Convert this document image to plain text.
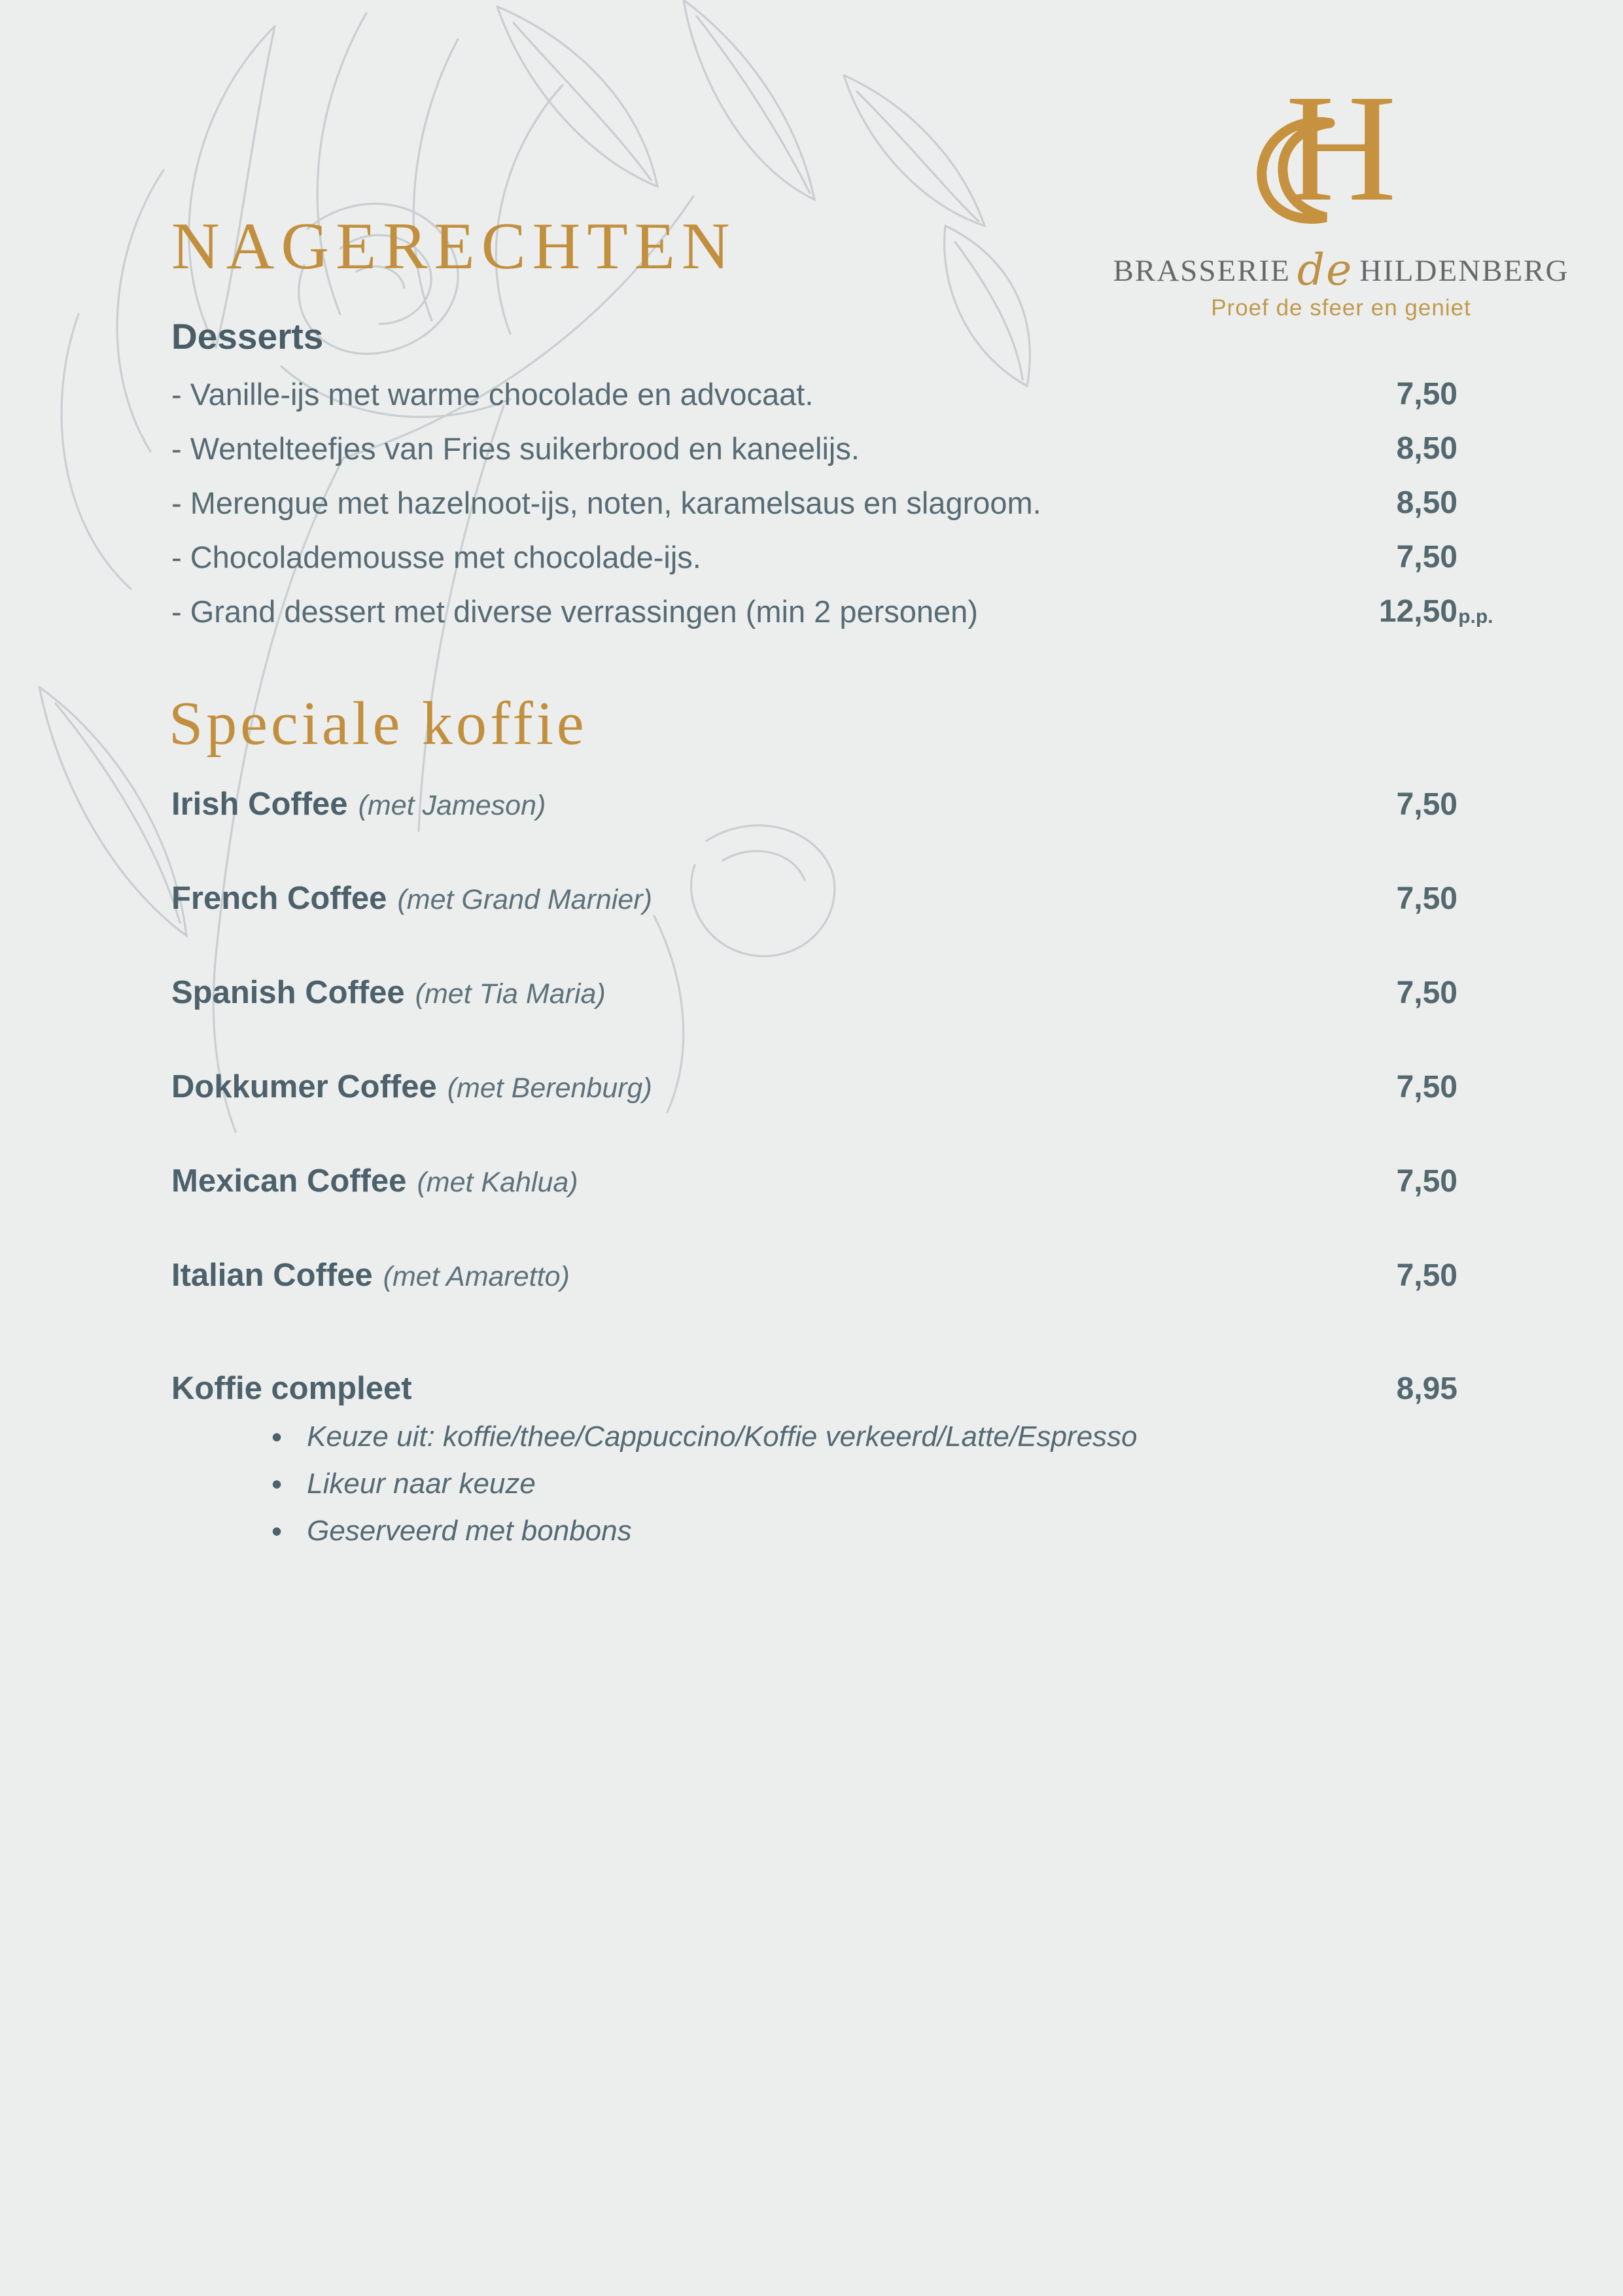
H
BRASSERIE de HILDENBERG
Proef de sfeer en geniet
NAGERECHTEN
Desserts
- Vanille-ijs met warme chocolade en advocaat.	7,50
- Wentelteefjes van Fries suikerbrood en kaneelijs.	8,50
- Merengue met hazelnoot-ijs, noten, karamelsaus en slagroom.	8,50
- Chocolademousse met chocolade-ijs.	7,50
- Grand dessert met diverse verrassingen (min 2 personen)	12,50 p.p.
Speciale koffie
Irish Coffee (met Jameson)	7,50
French Coffee (met Grand Marnier)	7,50
Spanish Coffee (met Tia Maria)	7,50
Dokkumer Coffee (met Berenburg)	7,50
Mexican Coffee (met Kahlua)	7,50
Italian Coffee (met Amaretto)	7,50
Koffie compleet	8,95
• Keuze uit: koffie/thee/Cappuccino/Koffie verkeerd/Latte/Espresso
• Likeur naar keuze
• Geserveerd met bonbons
